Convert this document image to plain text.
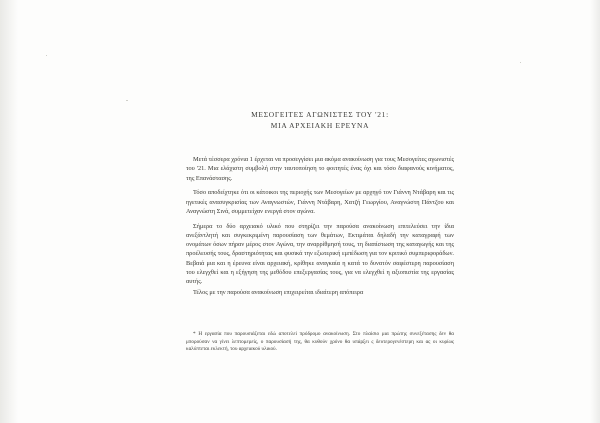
ΜΕΣΟΓΕΙΤΕΣ ΑΓΩΝΙΣΤΕΣ ΤΟΥ '21:
ΜΙΑ ΑΡΧΕΙΑΚΗ ΕΡΕΥΝΑ

Μετά τέσσερα χρόνια 1 έρχεται να προσεγγίσει μια ακόμα ανακοίνωση για τους Μεσογείτες αγωνιστές του '21. Μια ελάχιστη συμβολή στην ταυτοποίηση το φοιτητές ένας όχι και τόσο διαφανούς κινήματος, της Επανάστασης.

Τόσο αποδείχτηκε ότι οι κάτοικοι της περιοχής των Μεσογείων με αρχηγό τον Γιάννη Ντάβαρη και τις ηγετικές ανασυγκρισίας των Αναγνωστών, Γιάννη Ντάβαρη, Χατζή Γεωργίου, Αναγνώστη Πάντζου και Αναγνώστη Σινά, συμμετείχαν ενεργά στον αγώνα.

Σήμερα το δύο αρχειακό υλικό που στηρίζει την παρούσα ανακοίνωση επιτελεύσει την ίδια ανεξάντλητή και συγκεκριμένη παρουσίαση των θεμάτων, Εκτιμάται δηλαδή την καταγραφή των ονομάτων όσων πήραν μέρος στον Αγώνα, την αναρρίθμησή τους, τη διαπίστωση της καταγωγής και της προέλευσής τους, δραστηριότητας και φυσικά την εξωτερική εμπέδωση για τον κριτικό συμπεριφοράδων. Βεβαιά μια και η έρευνα είναι αρχειακή, κρίθηκε αναγκαία η κατά το δυνατόν σαφέστερη παρουσίαση του ελεγχθεί και η εξήγηση της μεθόδου επεξεργασίας τους, για να ελεγχθεί η αξιοπιστία της εργασίας αυτής.

Τέλος με την παρούσα ανακοίνωση επιχειρείται ιδιαίτερη απόπειρα

* Η εργασία που παρουσιάζεται εδώ αποτελεί πρόδρομο ανακοίνωση. Στο πλαίσιο μια πρώτης συνεξέτασης δεν θα μπορούσαν να γίνει λεπτομερείς, ο παρουσίασή της, θα κυθούν χρόνο θα υπάρξει ς δευτερογενέστερη και ας οι κυρίως καλύπτεται εκλεκτή, του αρχειακού υλικού.
